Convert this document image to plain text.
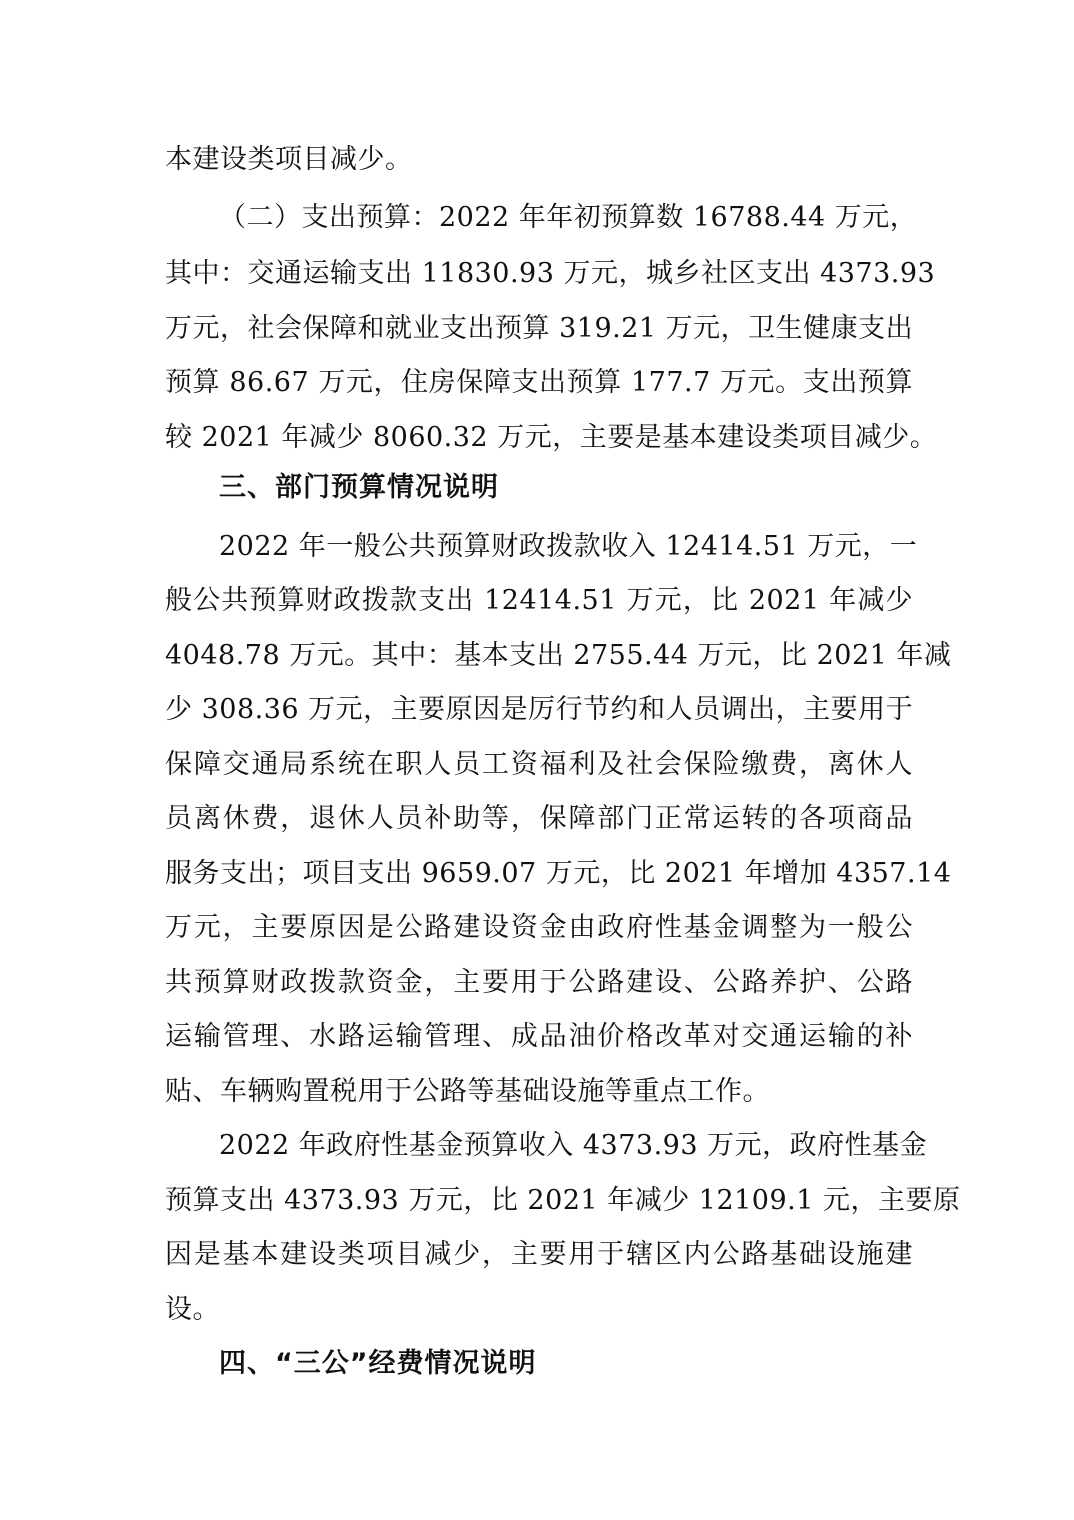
本建设类项目减少。
（二）支出预算：2022 年年初预算数 16788.44 万元，
其中：交通运输支出 11830.93 万元，城乡社区支出 4373.93
万元，社会保障和就业支出预算 319.21 万元，卫生健康支出
预算 86.67 万元，住房保障支出预算 177.7 万元。支出预算
较 2021 年减少 8060.32 万元，主要是基本建设类项目减少。
三、部门预算情况说明
2022 年一般公共预算财政拨款收入 12414.51 万元，一
般公共预算财政拨款支出 12414.51 万元，比 2021 年减少
4048.78 万元。其中：基本支出 2755.44 万元，比 2021 年减
少 308.36 万元，主要原因是厉行节约和人员调出，主要用于
保障交通局系统在职人员工资福利及社会保险缴费，离休人
员离休费，退休人员补助等，保障部门正常运转的各项商品
服务支出；项目支出 9659.07 万元，比 2021 年增加 4357.14
万元，主要原因是公路建设资金由政府性基金调整为一般公
共预算财政拨款资金，主要用于公路建设、公路养护、公路
运输管理、水路运输管理、成品油价格改革对交通运输的补
贴、车辆购置税用于公路等基础设施等重点工作。
2022 年政府性基金预算收入 4373.93 万元，政府性基金
预算支出 4373.93 万元，比 2021 年减少 12109.1 元，主要原
因是基本建设类项目减少，主要用于辖区内公路基础设施建
设。
四、“三公”经费情况说明
